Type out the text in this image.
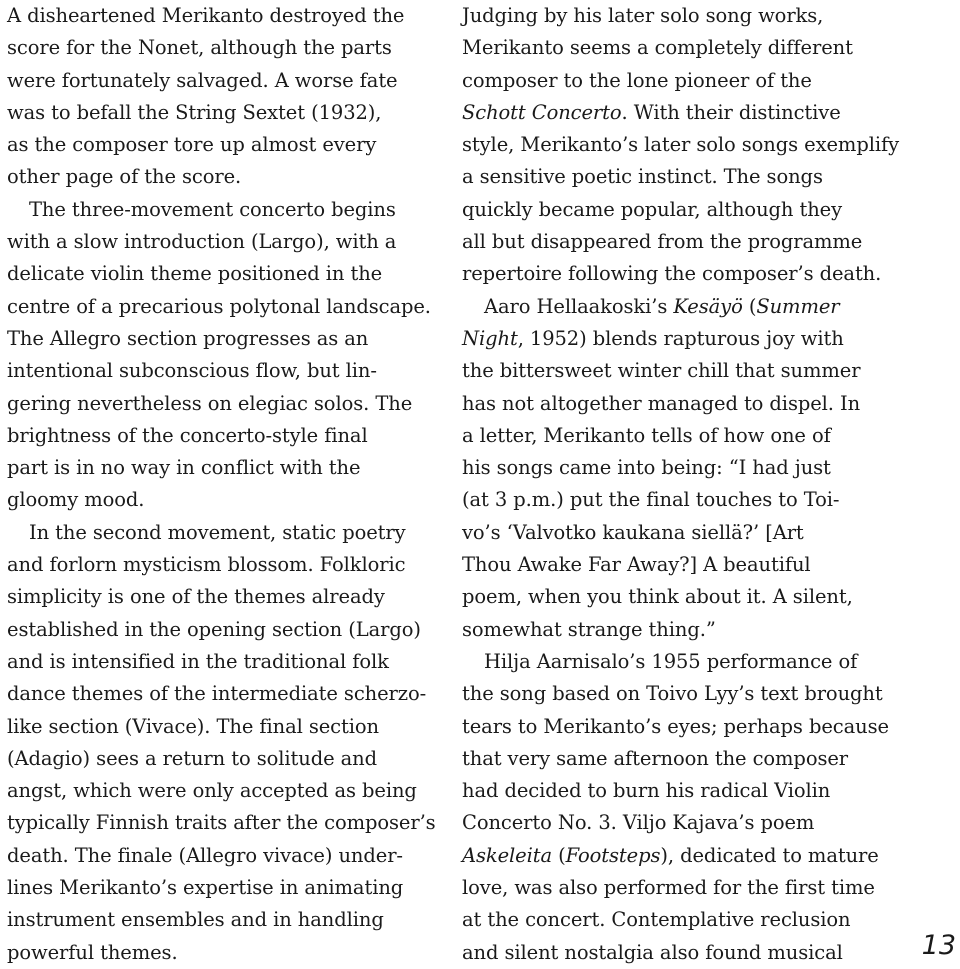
A disheartened Merikanto destroyed the
score for the Nonet, although the parts
were fortunately salvaged. A worse fate
was to befall the String Sextet (1932),
as the composer tore up almost every
other page of the score.
The three-movement concerto begins
with a slow introduction (Largo), with a
delicate violin theme positioned in the
centre of a precarious polytonal landscape.
The Allegro section progresses as an
intentional subconscious flow, but lin-
gering nevertheless on elegiac solos. The
brightness of the concerto-style final
part is in no way in conflict with the
gloomy mood.
In the second movement, static poetry
and forlorn mysticism blossom. Folkloric
simplicity is one of the themes already
established in the opening section (Largo)
and is intensified in the traditional folk
dance themes of the intermediate scherzo-
like section (Vivace). The final section
(Adagio) sees a return to solitude and
angst, which were only accepted as being
typically Finnish traits after the composer’s
death. The finale (Allegro vivace) under-
lines Merikanto’s expertise in animating
instrument ensembles and in handling
powerful themes.
Judging by his later solo song works,
Merikanto seems a completely different
composer to the lone pioneer of the
Schott Concerto. With their distinctive
style, Merikanto’s later solo songs exemplify
a sensitive poetic instinct. The songs
quickly became popular, although they
all but disappeared from the programme
repertoire following the composer’s death.
Aaro Hellaakoski’s Kesäyö (Summer
Night, 1952) blends rapturous joy with
the bittersweet winter chill that summer
has not altogether managed to dispel. In
a letter, Merikanto tells of how one of
his songs came into being: “I had just
(at 3 p.m.) put the final touches to Toi-
vo’s ‘Valvotko kaukana siellä?’ [Art
Thou Awake Far Away?] A beautiful
poem, when you think about it. A silent,
somewhat strange thing.”
Hilja Aarnisalo’s 1955 performance of
the song based on Toivo Lyy’s text brought
tears to Merikanto’s eyes; perhaps because
that very same afternoon the composer
had decided to burn his radical Violin
Concerto No. 3. Viljo Kajava’s poem
Askeleita (Footsteps), dedicated to mature
love, was also performed for the first time
at the concert. Contemplative reclusion
and silent nostalgia also found musical	13
